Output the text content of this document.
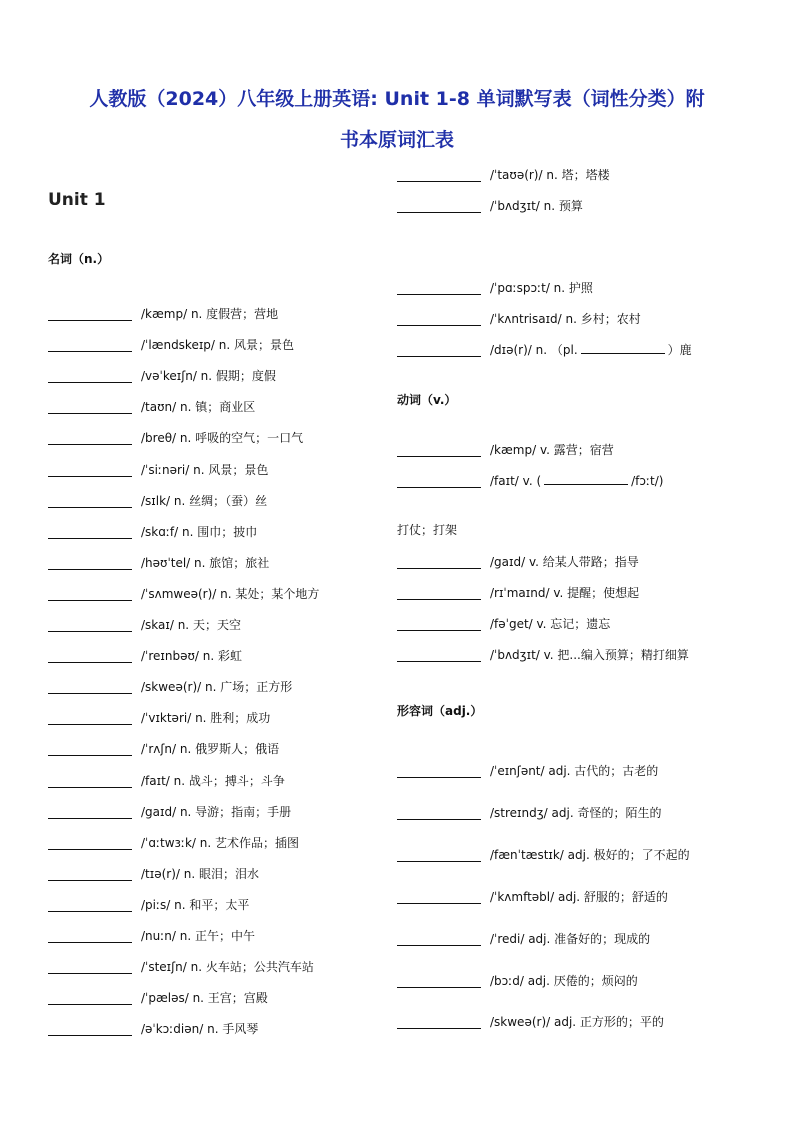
人教版（2024）八年级上册英语: Unit 1-8 单词默写表（词性分类）附
书本原词汇表
Unit 1
名词（n.）
/kæmp/ n. 度假营；营地
/ˈlændskeɪp/ n. 风景；景色
/vəˈkeɪʃn/ n. 假期；度假
/taʊn/ n. 镇；商业区
/breθ/ n. 呼吸的空气；一口气
/ˈsiːnəri/ n. 风景；景色
/sɪlk/ n. 丝绸；（蚕）丝
/skɑːf/ n. 围巾；披巾
/həʊˈtel/ n. 旅馆；旅社
/ˈsʌmweə(r)/ n. 某处；某个地方
/skaɪ/ n. 天；天空
/ˈreɪnbəʊ/ n. 彩虹
/skweə(r)/ n. 广场；正方形
/ˈvɪktəri/ n. 胜利；成功
/ˈrʌʃn/ n. 俄罗斯人；俄语
/faɪt/ n. 战斗；搏斗；斗争
/gaɪd/ n. 导游；指南；手册
/ˈɑːtwɜːk/ n. 艺术作品；插图
/tɪə(r)/ n. 眼泪；泪水
/piːs/ n. 和平；太平
/nuːn/ n. 正午；中午
/ˈsteɪʃn/ n. 火车站；公共汽车站
/ˈpæləs/ n. 王宫；宫殿
/əˈkɔːdiən/ n. 手风琴
/ˈtaʊə(r)/ n. 塔；塔楼
/ˈbʌdʒɪt/ n. 预算
/ˈpɑːspɔːt/ n. 护照
/ˈkʌntrisaɪd/ n. 乡村；农村
/dɪə(r)/ n. （pl.	）鹿
动词（v.）
/kæmp/ v. 露营；宿营
/faɪt/ v. (	/fɔːt/)
打仗；打架
/gaɪd/ v. 给某人带路；指导
/rɪˈmaɪnd/ v. 提醒；使想起
/fəˈget/ v. 忘记；遗忘
/ˈbʌdʒɪt/ v. 把...编入预算；精打细算
形容词（adj.）
/ˈeɪnʃənt/ adj. 古代的；古老的
/streɪndʒ/ adj. 奇怪的；陌生的
/fænˈtæstɪk/ adj. 极好的；了不起的
/ˈkʌmftəbl/ adj. 舒服的；舒适的
/ˈredi/ adj. 准备好的；现成的
/bɔːd/ adj. 厌倦的；烦闷的
/skweə(r)/ adj. 正方形的；平的
